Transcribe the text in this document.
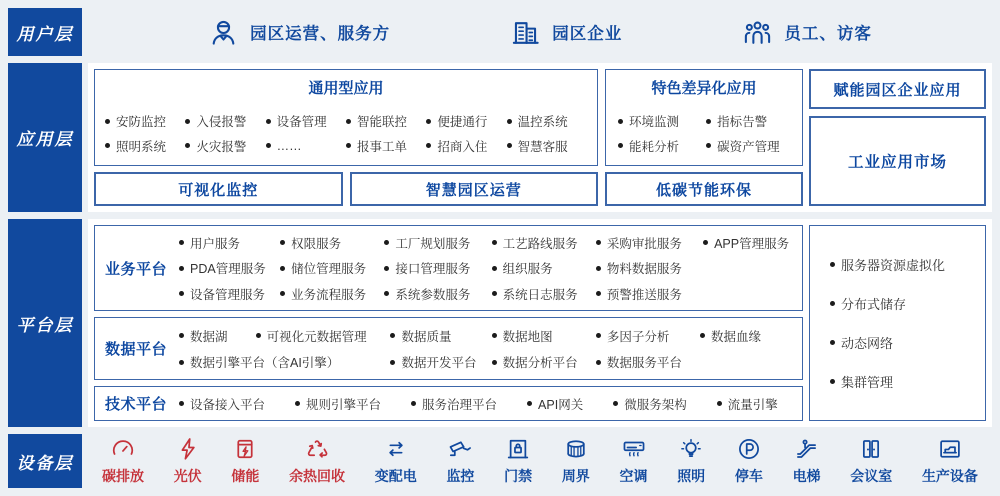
用户层	园区运营、服务方	园区企业	员工、访客
应用层
通用型应用
安防监控 入侵报警 设备管理 智能联控 便捷通行 温控系统
照明系统 火灾报警 ……	报事工单 招商入住 智慧客服
特色差异化应用
环境监测	指标告警
能耗分析	碳资产管理
可视化监控	智慧园区运营	低碳节能环保
赋能园区企业应用
工业应用市场
平台层
业务平台
用户服务	权限服务	工厂规划服务	工艺路线服务 采购审批服务	APP管理服务
PDA管理服务 储位管理服务 接口管理服务	组织服务	物料数据服务
设备管理服务 业务流程服务 系统参数服务	系统日志服务 预警推送服务
数据平台
数据湖	可视化元数据管理	数据质量	数据地图	多因子分析	数据血缘
数据引擎平台（含AI引擎）	数据开发平台 数据分析平台 数据服务平台
技术平台	设备接入平台	规则引擎平台	服务治理平台	API网关	微服务架构	流量引擎
服务器资源虚拟化
分布式储存
动态网络
集群管理
设备层
碳排放 光伏 储能 余热回收 变配电 监控 门禁 周界 空调 照明 停车 电梯 会议室 生产设备
